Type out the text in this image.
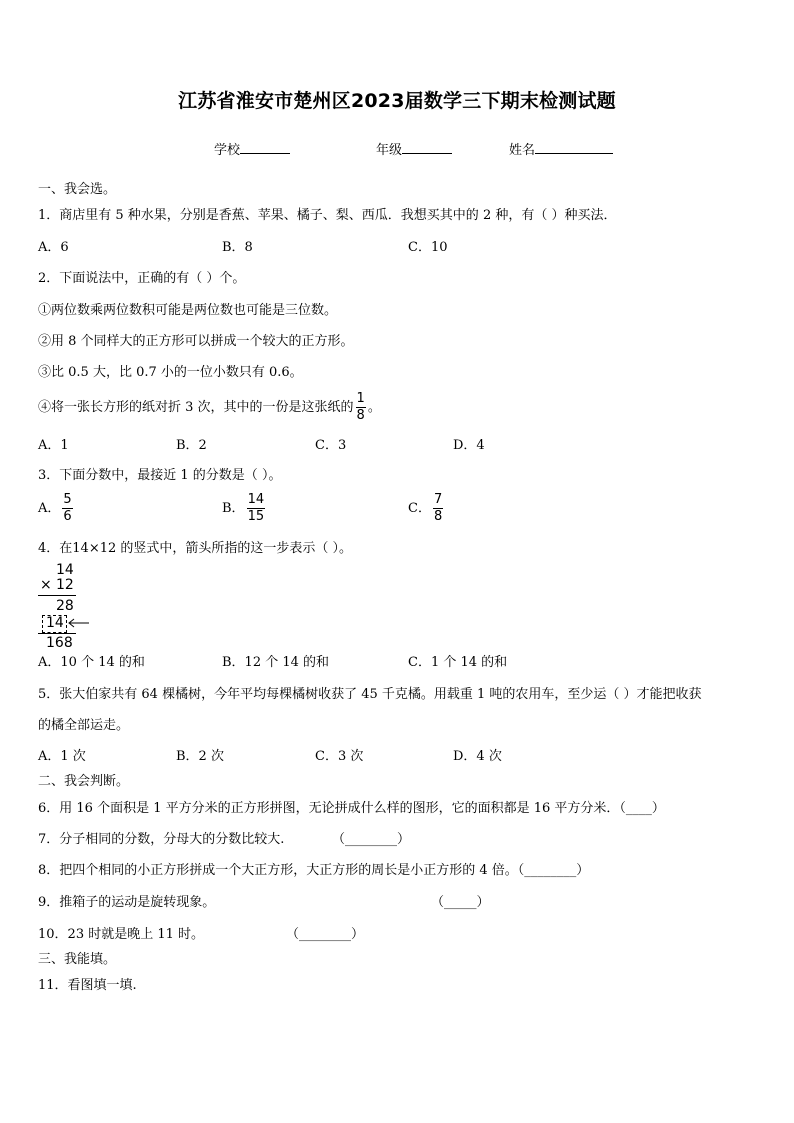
江苏省淮安市楚州区2023届数学三下期末检测试题
学校	年级	姓名
一、我会选。
1．商店里有 5 种水果，分别是香蕉、苹果、橘子、梨、西瓜．我想买其中的 2 种，有（ ）种买法．
A．6	B．8	C．10
2．下面说法中，正确的有（ ）个。
①两位数乘两位数积可能是两位数也可能是三位数。
②用 8 个同样大的正方形可以拼成一个较大的正方形。
③比 0.5 大，比 0.7 小的一位小数只有 0.6。
④将一张长方形的纸对折 3 次，其中的一份是这张纸的 $\frac{1}{8}$ 。
A．1	B．2	C．3	D．4
3．下面分数中，最接近 1 的分数是（ ）。
A． $\frac{5}{6}$	B． $\frac{14}{15}$	C． $\frac{7}{8}$
4．在14×12 的竖式中，箭头所指的这一步表示（ ）。
14
× 12
28
14
168
A．10 个 14 的和	B．12 个 14 的和	C．1 个 14 的和
5．张大伯家共有 64 棵橘树，今年平均每棵橘树收获了 45 千克橘。用载重 1 吨的农用车，至少运（ ）才能把收获
的橘全部运走。
A．1 次	B．2 次	C．3 次	D．4 次
二、我会判断。
6．用 16 个面积是 1 平方分米的正方形拼图，无论拼成什么样的图形，它的面积都是 16 平方分米．（____）
7．分子相同的分数，分母大的分数比较大.	（________）
8．把四个相同的小正方形拼成一个大正方形，大正方形的周长是小正方形的 4 倍。（________）
9．推箱子的运动是旋转现象。	（_____）
10．23 时就是晚上 11 时。	（________）
三、我能填。
11．看图填一填.
